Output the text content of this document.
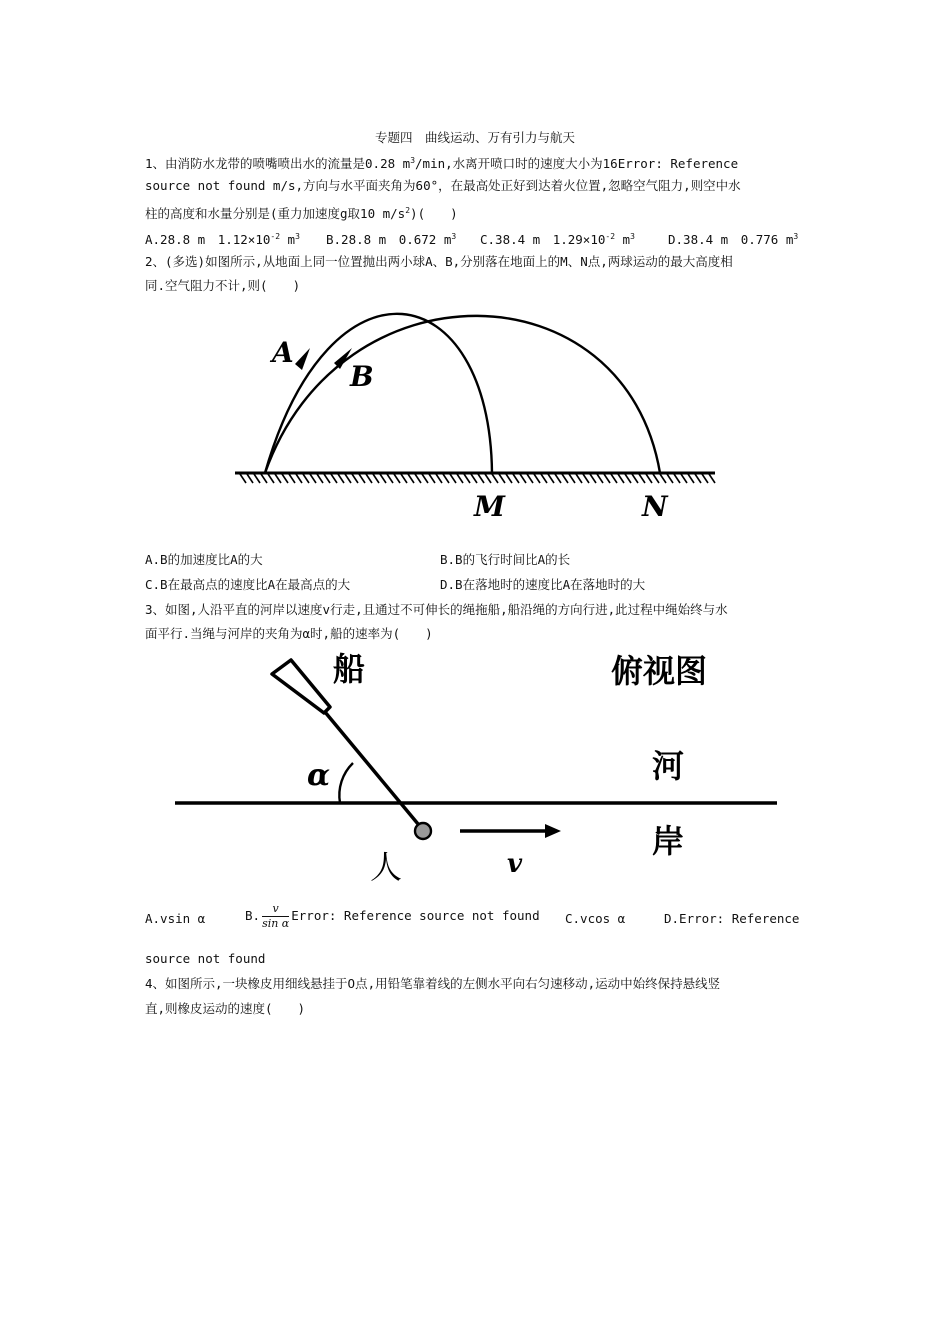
专题四　曲线运动、万有引力与航天
1、由消防水龙带的喷嘴喷出水的流量是0.28 $m^3/\min$,水离开喷口时的速度大小为16Error: Reference
source not found m/s,方向与水平面夹角为60°，在最高处正好到达着火位置,忽略空气阻力,则空中水
柱的高度和水量分别是(重力加速度g取10 $m/s^2$)(　　)
A.28.8 m　$1.12\times 10^{-2}$ $m^3$ B.28.8 m　0.672 $m^3$ C.38.4 m　$1.29\times 10^{-2}$ $m^3$	D.38.4 m　0.776 $m^3$
2、(多选)如图所示,从地面上同一位置抛出两小球A、B,分别落在地面上的M、N点,两球运动的最大高度相
同.空气阻力不计,则(　　)
A
B
M	N
A.B的加速度比A的大	B.B的飞行时间比A的长
C.B在最高点的速度比A在最高点的大	D.B在落地时的速度比A在落地时的大
3、如图,人沿平直的河岸以速度v行走,且通过不可伸长的绳拖船,船沿绳的方向行进,此过程中绳始终与水
面平行.当绳与河岸的夹角为α时,船的速率为(　　)
船	俯视图
河
岸
α
人	v
A.vsin α	B. $\frac{v}{\text{sin α}}$ Error: Reference source not found C.vcos α	D.Error: Reference
source not found
4、如图所示,一块橡皮用细线悬挂于O点,用铅笔靠着线的左侧水平向右匀速移动,运动中始终保持悬线竖
直,则橡皮运动的速度(　　)
